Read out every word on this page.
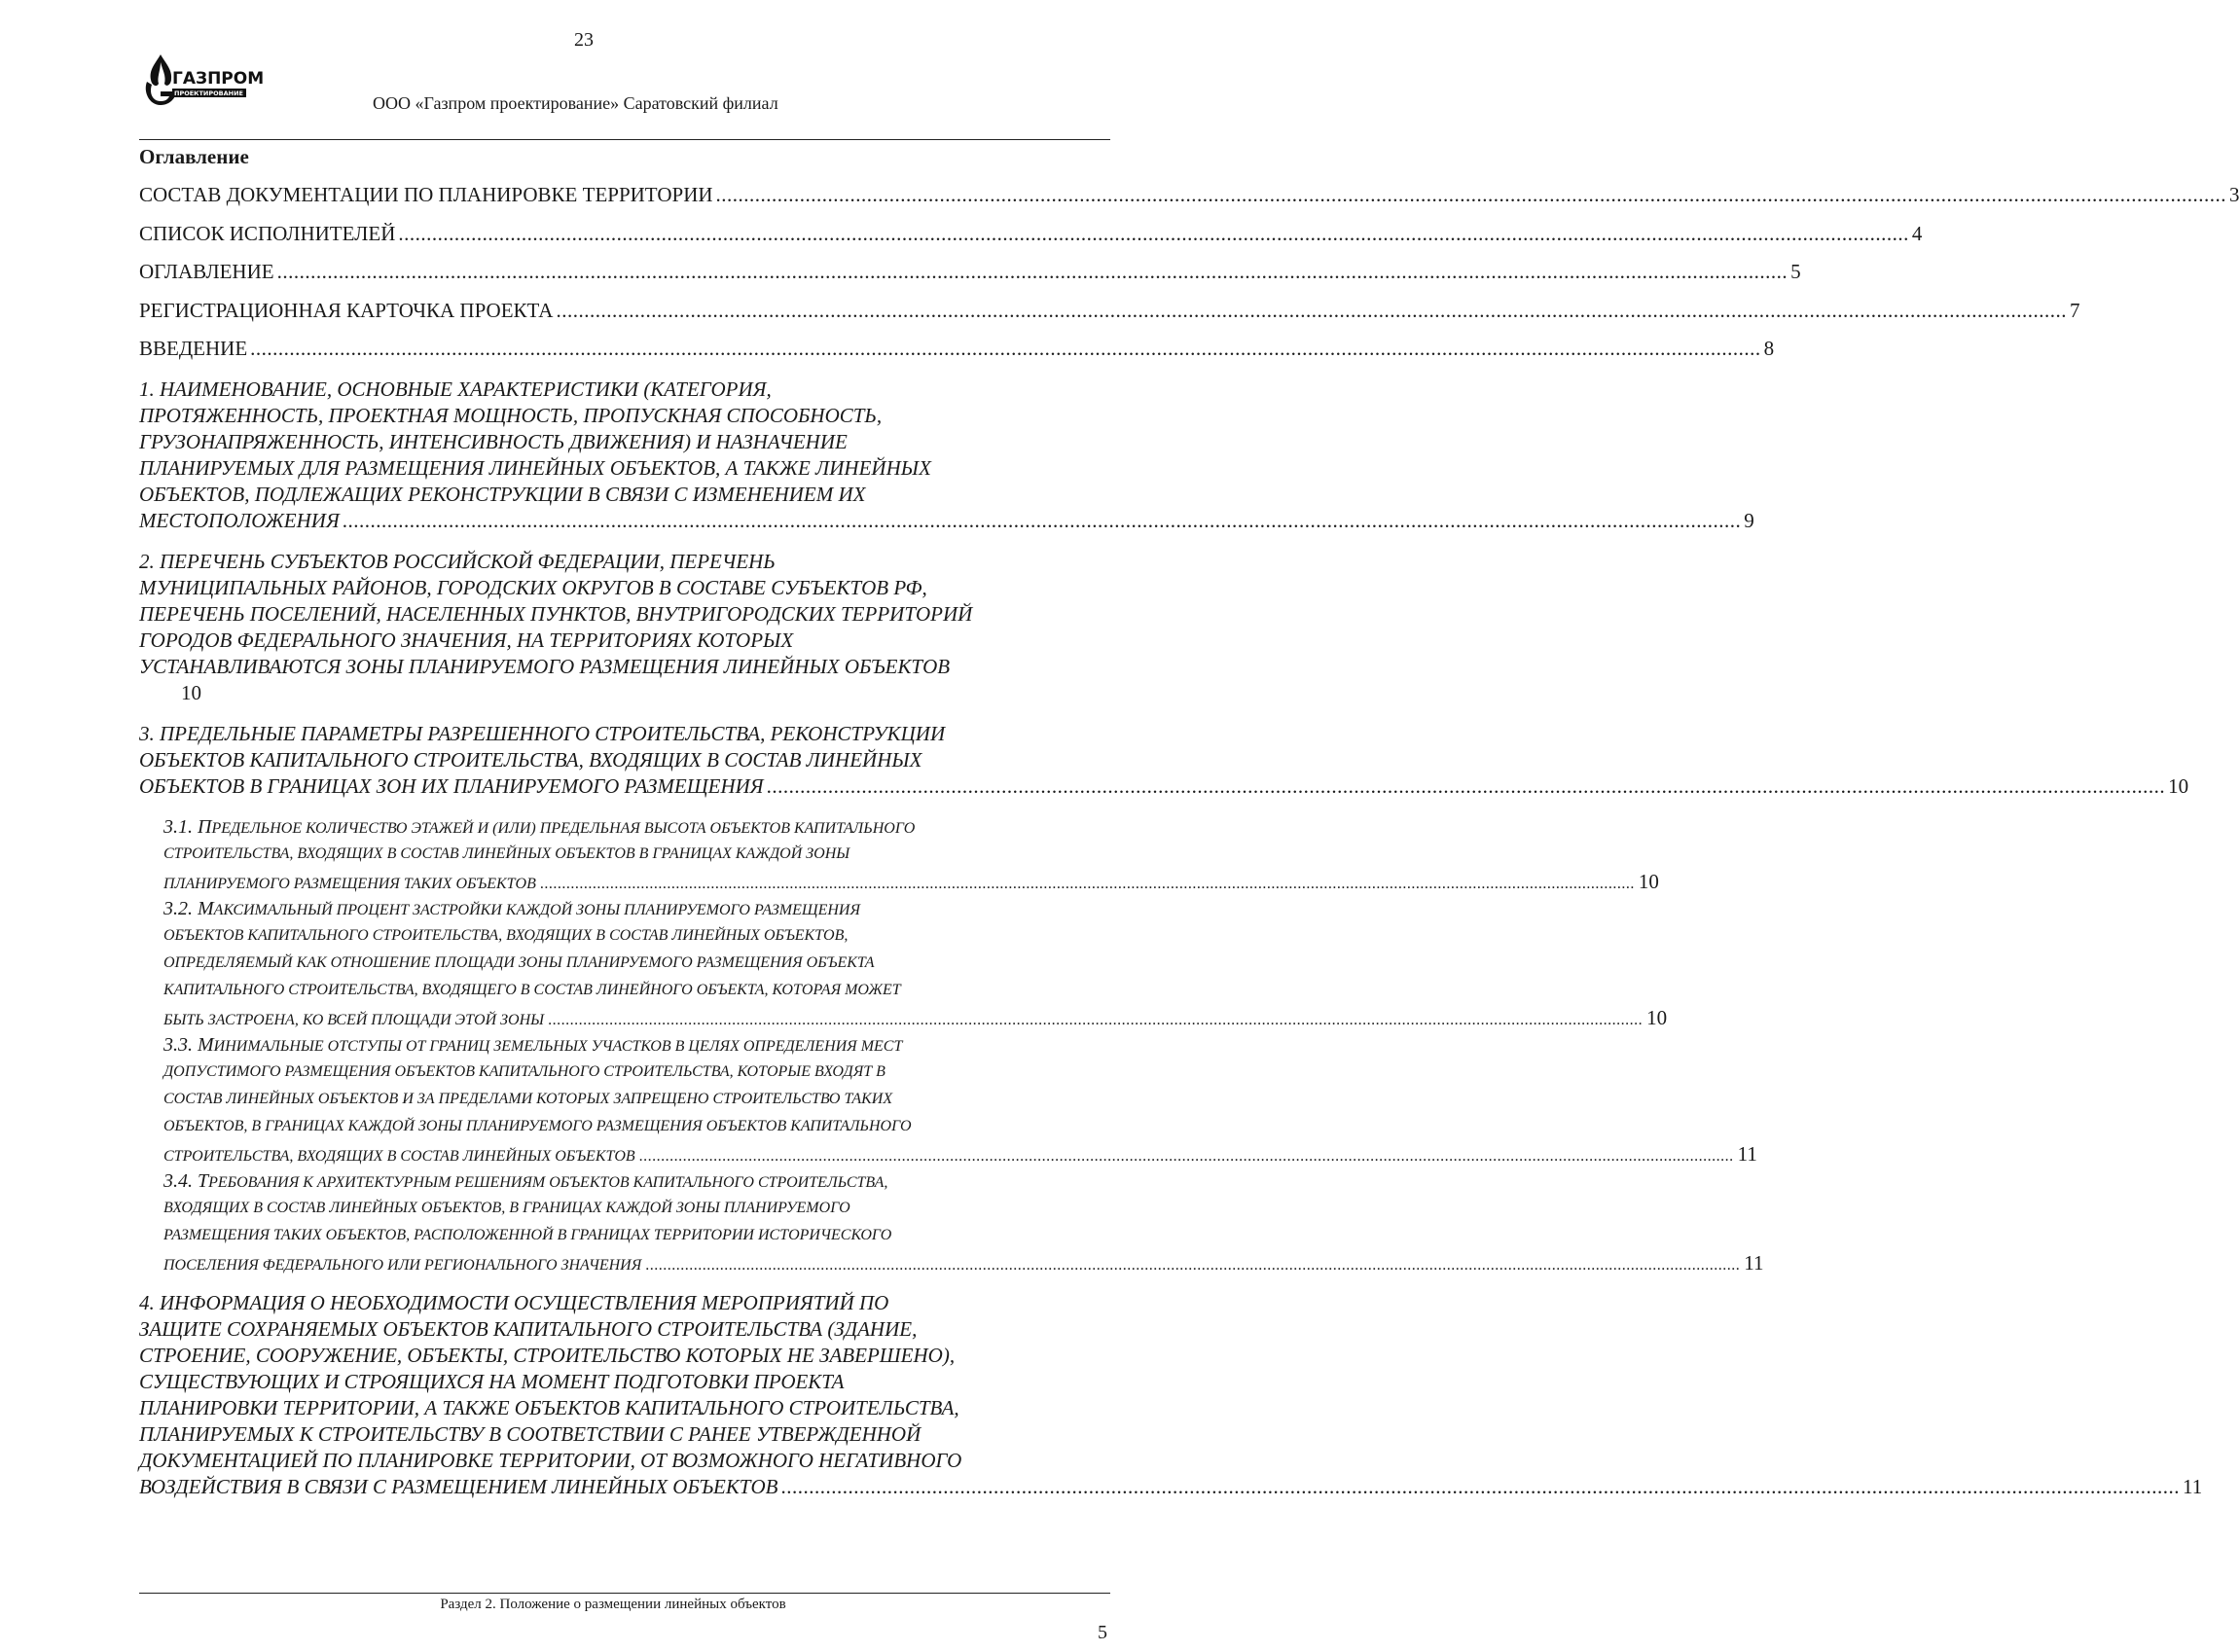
23
ГАЗПРОМ
ПРОЕКТИРОВАНИЕ	ООО «Газпром проектирование» Саратовский филиал
Оглавление
СОСТАВ ДОКУМЕНТАЦИИ ПО ПЛАНИРОВКЕ ТЕРРИТОРИИ .....	3
СПИСОК ИСПОЛНИТЕЛЕЙ .....	4
ОГЛАВЛЕНИЕ .....	5
РЕГИСТРАЦИОННАЯ КАРТОЧКА ПРОЕКТА .....	7
ВВЕДЕНИЕ .....	8
1. НАИМЕНОВАНИЕ, ОСНОВНЫЕ ХАРАКТЕРИСТИКИ (КАТЕГОРИЯ,
ПРОТЯЖЕННОСТЬ, ПРОЕКТНАЯ МОЩНОСТЬ, ПРОПУСКНАЯ СПОСОБНОСТЬ,
ГРУЗОНАПРЯЖЕННОСТЬ, ИНТЕНСИВНОСТЬ ДВИЖЕНИЯ) И НАЗНАЧЕНИЕ
ПЛАНИРУЕМЫХ ДЛЯ РАЗМЕЩЕНИЯ ЛИНЕЙНЫХ ОБЪЕКТОВ, А ТАКЖЕ ЛИНЕЙНЫХ
ОБЪЕКТОВ, ПОДЛЕЖАЩИХ РЕКОНСТРУКЦИИ В СВЯЗИ С ИЗМЕНЕНИЕМ ИХ
МЕСТОПОЛОЖЕНИЯ .....	9
2. ПЕРЕЧЕНЬ СУБЪЕКТОВ РОССИЙСКОЙ ФЕДЕРАЦИИ, ПЕРЕЧЕНЬ
МУНИЦИПАЛЬНЫХ РАЙОНОВ, ГОРОДСКИХ ОКРУГОВ В СОСТАВЕ СУБЪЕКТОВ РФ,
ПЕРЕЧЕНЬ ПОСЕЛЕНИЙ, НАСЕЛЕННЫХ ПУНКТОВ, ВНУТРИГОРОДСКИХ ТЕРРИТОРИЙ
ГОРОДОВ ФЕДЕРАЛЬНОГО ЗНАЧЕНИЯ, НА ТЕРРИТОРИЯХ КОТОРЫХ
УСТАНАВЛИВАЮТСЯ ЗОНЫ ПЛАНИРУЕМОГО РАЗМЕЩЕНИЯ ЛИНЕЙНЫХ ОБЪЕКТОВ
10
3. ПРЕДЕЛЬНЫЕ ПАРАМЕТРЫ РАЗРЕШЕННОГО СТРОИТЕЛЬСТВА, РЕКОНСТРУКЦИИ
ОБЪЕКТОВ КАПИТАЛЬНОГО СТРОИТЕЛЬСТВА, ВХОДЯЩИХ В СОСТАВ ЛИНЕЙНЫХ
ОБЪЕКТОВ В ГРАНИЦАХ ЗОН ИХ ПЛАНИРУЕМОГО РАЗМЕЩЕНИЯ .....	10
3.1. ПРЕДЕЛЬНОЕ КОЛИЧЕСТВО ЭТАЖЕЙ И (ИЛИ) ПРЕДЕЛЬНАЯ ВЫСОТА ОБЪЕКТОВ КАПИТАЛЬНОГО
СТРОИТЕЛЬСТВА, ВХОДЯЩИХ В СОСТАВ ЛИНЕЙНЫХ ОБЪЕКТОВ В ГРАНИЦАХ КАЖДОЙ ЗОНЫ
ПЛАНИРУЕМОГО РАЗМЕЩЕНИЯ ТАКИХ ОБЪЕКТОВ .....	10
3.2. МАКСИМАЛЬНЫЙ ПРОЦЕНТ ЗАСТРОЙКИ КАЖДОЙ ЗОНЫ ПЛАНИРУЕМОГО РАЗМЕЩЕНИЯ
ОБЪЕКТОВ КАПИТАЛЬНОГО СТРОИТЕЛЬСТВА, ВХОДЯЩИХ В СОСТАВ ЛИНЕЙНЫХ ОБЪЕКТОВ,
ОПРЕДЕЛЯЕМЫЙ КАК ОТНОШЕНИЕ ПЛОЩАДИ ЗОНЫ ПЛАНИРУЕМОГО РАЗМЕЩЕНИЯ ОБЪЕКТА
КАПИТАЛЬНОГО СТРОИТЕЛЬСТВА, ВХОДЯЩЕГО В СОСТАВ ЛИНЕЙНОГО ОБЪЕКТА, КОТОРАЯ МОЖЕТ
БЫТЬ ЗАСТРОЕНА, КО ВСЕЙ ПЛОЩАДИ ЭТОЙ ЗОНЫ .....	10
3.3. МИНИМАЛЬНЫЕ ОТСТУПЫ ОТ ГРАНИЦ ЗЕМЕЛЬНЫХ УЧАСТКОВ В ЦЕЛЯХ ОПРЕДЕЛЕНИЯ МЕСТ
ДОПУСТИМОГО РАЗМЕЩЕНИЯ ОБЪЕКТОВ КАПИТАЛЬНОГО СТРОИТЕЛЬСТВА, КОТОРЫЕ ВХОДЯТ В
СОСТАВ ЛИНЕЙНЫХ ОБЪЕКТОВ И ЗА ПРЕДЕЛАМИ КОТОРЫХ ЗАПРЕЩЕНО СТРОИТЕЛЬСТВО ТАКИХ
ОБЪЕКТОВ, В ГРАНИЦАХ КАЖДОЙ ЗОНЫ ПЛАНИРУЕМОГО РАЗМЕЩЕНИЯ ОБЪЕКТОВ КАПИТАЛЬНОГО
СТРОИТЕЛЬСТВА, ВХОДЯЩИХ В СОСТАВ ЛИНЕЙНЫХ ОБЪЕКТОВ .....	11
3.4. ТРЕБОВАНИЯ К АРХИТЕКТУРНЫМ РЕШЕНИЯМ ОБЪЕКТОВ КАПИТАЛЬНОГО СТРОИТЕЛЬСТВА,
ВХОДЯЩИХ В СОСТАВ ЛИНЕЙНЫХ ОБЪЕКТОВ, В ГРАНИЦАХ КАЖДОЙ ЗОНЫ ПЛАНИРУЕМОГО
РАЗМЕЩЕНИЯ ТАКИХ ОБЪЕКТОВ, РАСПОЛОЖЕННОЙ В ГРАНИЦАХ ТЕРРИТОРИИ ИСТОРИЧЕСКОГО
ПОСЕЛЕНИЯ ФЕДЕРАЛЬНОГО ИЛИ РЕГИОНАЛЬНОГО ЗНАЧЕНИЯ .....	11
4. ИНФОРМАЦИЯ О НЕОБХОДИМОСТИ ОСУЩЕСТВЛЕНИЯ МЕРОПРИЯТИЙ ПО
ЗАЩИТЕ СОХРАНЯЕМЫХ ОБЪЕКТОВ КАПИТАЛЬНОГО СТРОИТЕЛЬСТВА (ЗДАНИЕ,
СТРОЕНИЕ, СООРУЖЕНИЕ, ОБЪЕКТЫ, СТРОИТЕЛЬСТВО КОТОРЫХ НЕ ЗАВЕРШЕНО),
СУЩЕСТВУЮЩИХ И СТРОЯЩИХСЯ НА МОМЕНТ ПОДГОТОВКИ ПРОЕКТА
ПЛАНИРОВКИ ТЕРРИТОРИИ, А ТАКЖЕ ОБЪЕКТОВ КАПИТАЛЬНОГО СТРОИТЕЛЬСТВА,
ПЛАНИРУЕМЫХ К СТРОИТЕЛЬСТВУ В СООТВЕТСТВИИ С РАНЕЕ УТВЕРЖДЕННОЙ
ДОКУМЕНТАЦИЕЙ ПО ПЛАНИРОВКЕ ТЕРРИТОРИИ, ОТ ВОЗМОЖНОГО НЕГАТИВНОГО
ВОЗДЕЙСТВИЯ В СВЯЗИ С РАЗМЕЩЕНИЕМ ЛИНЕЙНЫХ ОБЪЕКТОВ .....	11
Раздел 2. Положение о размещении линейных объектов
5
